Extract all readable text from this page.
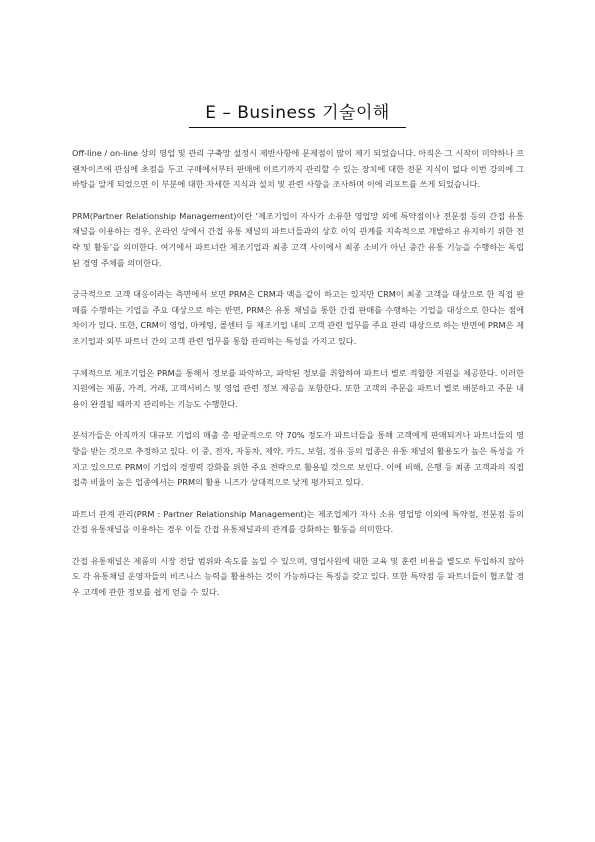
E – Business 기술이해

Off-line / on-line 상의 영업 및 관리 구축망 설정시 제반사항에 문제점이 많이 제기 되었습니다. 아직은 그 시작이 미약하나 프랜차이즈에 관심에 초점을 두고 구매에서부터 판매에 이르기까지 관리할 수 있는 장치에 대한 전문 지식이 없다 이번 강의에 그 바탕을 알게 되었으면 이 부분에 대한 자세한 지식과 설치 및 관련 사항을 조사하며 이에 리포트를 쓰게 되었습니다.

PRM(Partner Relationship Management)이란 ‘제조기업이 자사가 소유한 영업망 외에 특약점이나 전문점 등의 간접 유통 채널을 이용하는 경우, 온라인 상에서 간접 유통 채널의 파트너들과의 상호 이익 관계를 지속적으로 개발하고 유지하기 위한 전략 및 활동’을 의미한다. 여기에서 파트너란 제조기업과 최종 고객 사이에서 최종 소비가 아닌 중간 유통 기능을 수행하는 독립된 경영 주체를 의미한다.

궁극적으로 고객 대응이라는 측면에서 보면 PRM은 CRM과 맥을 같이 하고는 있지만 CRM이 최종 고객을 대상으로 한 직접 판매를 수행하는 기업을 주요 대상으로 하는 반면, PRM은 유통 채널을 통한 간접 판매를 수행하는 기업을 대상으로 한다는 점에 차이가 있다. 또한, CRM이 영업, 마케팅, 콜센터 등 제조기업 내의 고객 관련 업무를 주요 관리 대상으로 하는 반면에 PRM은 제조기업과 외부 파트너 간의 고객 관련 업무를 통합 관리하는 특성을 가지고 있다.

구체적으로 제조기업은 PRM을 통해서 정보를 파악하고, 파악된 정보를 취합하여 파트너 별로 적합한 지원을 제공한다. 이러한 지원에는 제품, 가격, 거래, 고객서비스 및 영업 관련 정보 제공을 포함한다. 또한 고객의 주문을 파트너 별로 배분하고 주문 내용이 완결될 때까지 관리하는 기능도 수행한다.

분석가들은 아직까지 대규모 기업의 매출 총 평균적으로 약 70% 정도가 파트너들을 통해 고객에게 판매되거나 파트너들의 영향을 받는 것으로 추정하고 있다. 이 중, 전자, 자동차, 제약, 카드, 보험, 정유 등의 업종은 유통 채널의 활용도가 높은 특성을 가지고 있으므로 PRM이 기업의 경쟁력 강화를 위한 주요 전략으로 활용될 것으로 보인다. 이에 비해, 은행 등 최종 고객과의 직접 접촉 비율이 높은 업종에서는 PRM의 활용 니즈가 상대적으로 낮게 평가되고 있다.

파트너 관계 관리(PRM : Partner Relationship Management)는 제조업체가 자사 소유 영업망 이외에 특약점, 전문점 등의 간접 유통채널을 이용하는 경우 이들 간접 유통채널과의 관계를 강화하는 활동을 의미한다.

간접 유통채널은 제품의 시장 전달 범위와 속도를 높일 수 있으며, 영업사원에 대한 교육 및 훈련 비용을 별도로 투입하지 않아도 각 유통채널 운영자들의 비즈니스 능력을 활용하는 것이 가능하다는 특징을 갖고 있다. 또한 특약점 등 파트너들이 협조할 경우 고객에 관한 정보를 쉽게 얻을 수 있다.
